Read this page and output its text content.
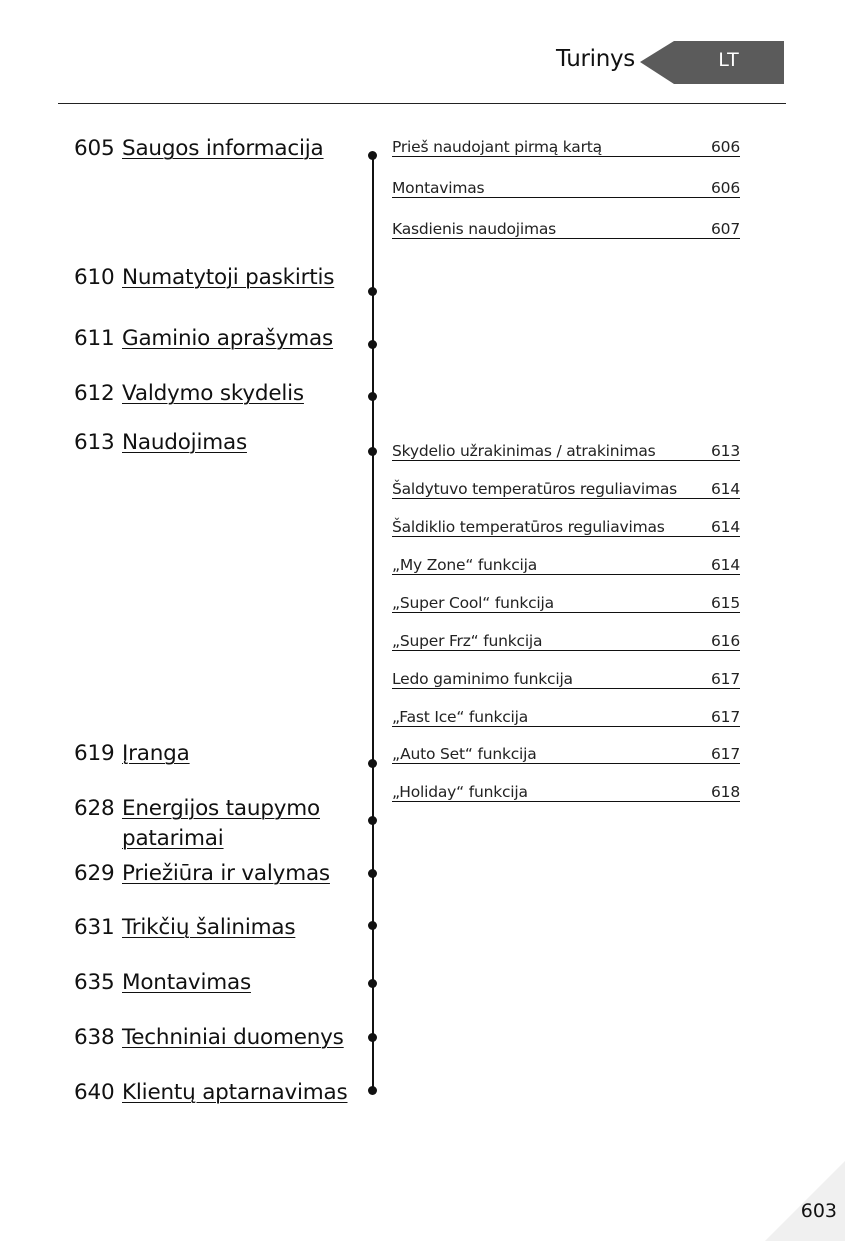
Turinys	LT
605 Saugos informacija
610 Numatytoji paskirtis
611 Gaminio aprašymas
612 Valdymo skydelis
613 Naudojimas
619 Įranga
628 Energijos taupymo
patarimai
629 Priežiūra ir valymas
631 Trikčių šalinimas
635 Montavimas
638 Techniniai duomenys
640 Klientų aptarnavimas
Prieš naudojant pirmą kartą	606
Montavimas	606
Kasdienis naudojimas	607
Skydelio užrakinimas / atrakinimas	613
Šaldytuvo temperatūros reguliavimas 614
Šaldiklio temperatūros reguliavimas	614
„My Zone“ funkcija	614
„Super Cool“ funkcija	615
„Super Frz“ funkcija	616
Ledo gaminimo funkcija	617
„Fast Ice“ funkcija	617
„Auto Set“ funkcija	617
„Holiday“ funkcija	618
603
